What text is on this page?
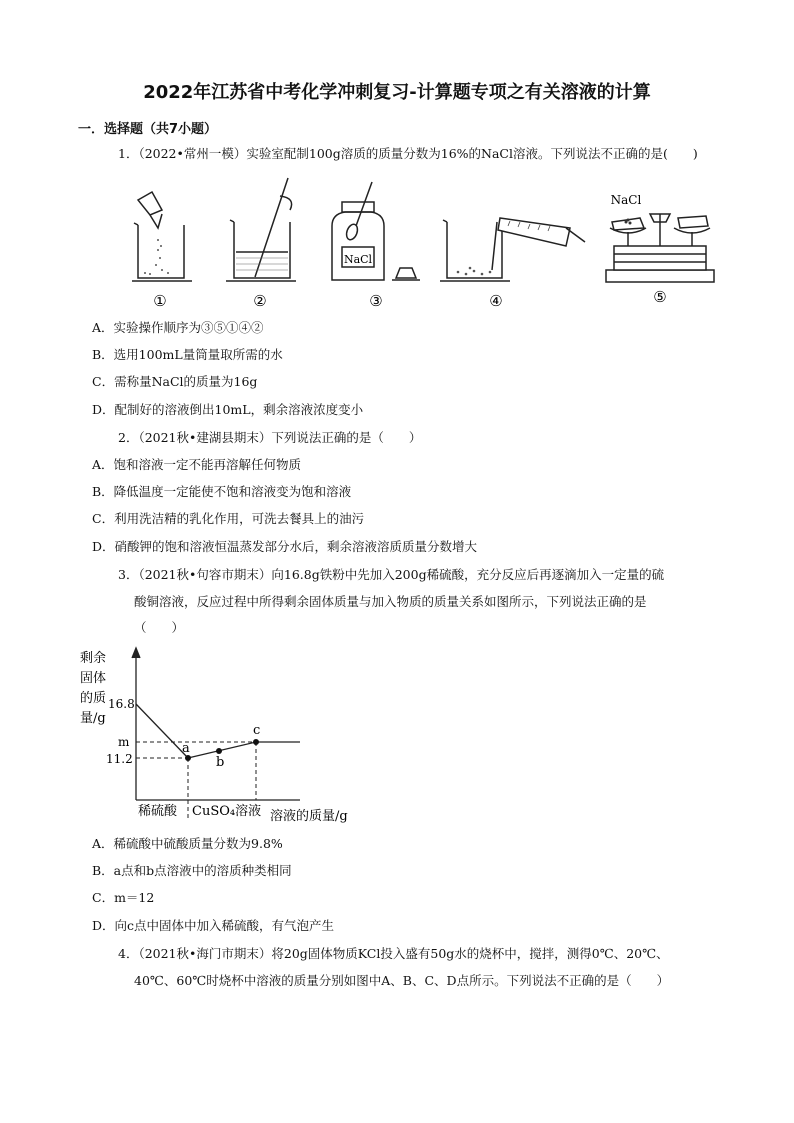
2022年江苏省中考化学冲刺复习-计算题专项之有关溶液的计算
一．选择题（共7小题）
1．（2022•常州一模）实验室配制100g溶质的质量分数为16%的NaCl溶液。下列说法不正确的是(　　)
①	②
NaCl
③	④
NaCl
⑤
A．实验操作顺序为③⑤①④②
B．选用100mL量筒量取所需的水
C．需称量NaCl的质量为16g
D．配制好的溶液倒出10mL，剩余溶液浓度变小
2．（2021秋•建湖县期末）下列说法正确的是（　　）
A．饱和溶液一定不能再溶解任何物质
B．降低温度一定能使不饱和溶液变为饱和溶液
C．利用洗洁精的乳化作用，可洗去餐具上的油污
D．硝酸钾的饱和溶液恒温蒸发部分水后，剩余溶液溶质质量分数增大
3．（2021秋•句容市期末）向16.8g铁粉中先加入200g稀硫酸，充分反应后再逐滴加入一定量的硫
酸铜溶液，反应过程中所得剩余固体质量与加入物质的质量关系如图所示，下列说法正确的是
（　　）
剩余
固体
的质
量/g
16.8
m
11.2
a
b
c
稀硫酸 CuSO₄溶液 溶液的质量/g
A．稀硫酸中硫酸质量分数为9.8%
B．a点和b点溶液中的溶质种类相同
C．m＝12
D．向c点中固体中加入稀硫酸，有气泡产生
4．（2021秋•海门市期末）将20g固体物质KCl投入盛有50g水的烧杯中，搅拌，测得0℃、20℃、
40℃、60℃时烧杯中溶液的质量分别如图中A、B、C、D点所示。下列说法不正确的是（　　）
